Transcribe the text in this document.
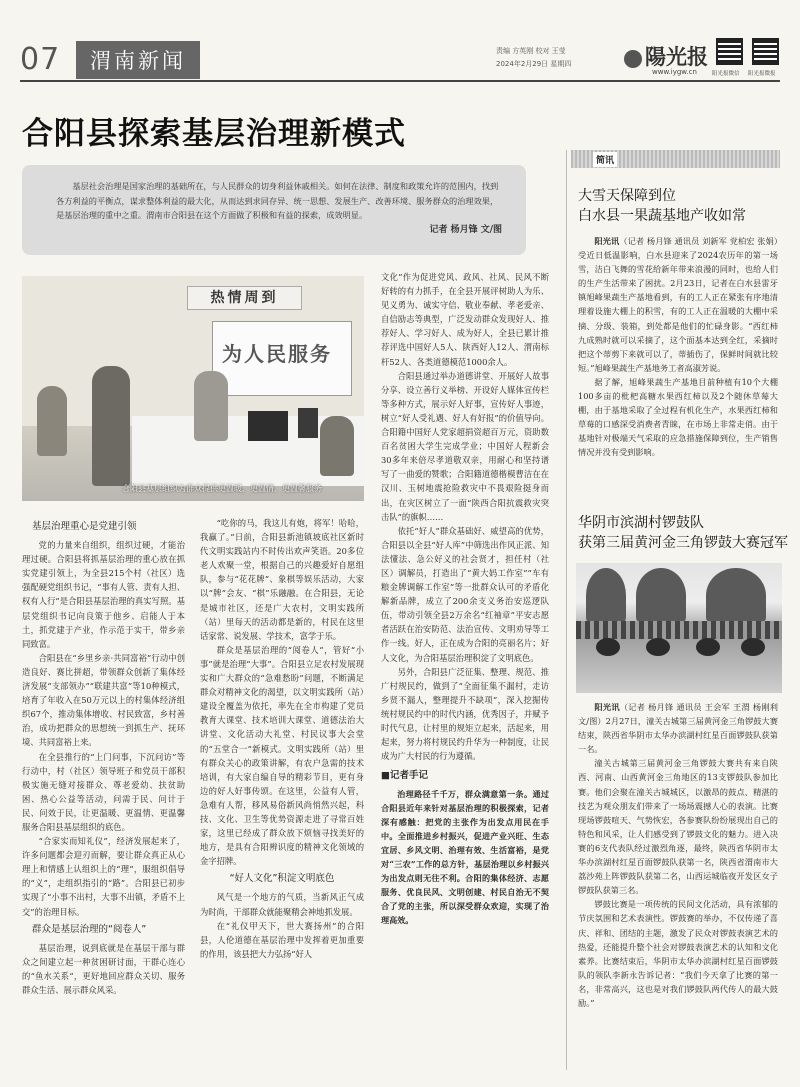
07	渭南新闻	责编 方英刚 校对 王莹
2024年2月29日 星期四	陽光报
www.iygw.cn	阳光报微信 阳光报微报
合阳县探索基层治理新模式
基层社会治理是国家治理的基础所在，与人民群众的切身利益休戚相关。如何在法律、制度和政策允许的范围内，找到各方利益的平衡点，谋求整体利益的最大化，从而达到求同存异、统一思想、发展生产、改善环境、服务群众的治理效果，是基层治理的重中之重。渭南市合阳县在这个方面做了积极和有益的探索，成效明显。
记者 杨月锋 文/图
热情周到
为人民服务
合阳县基层组织为群众提供更温暖、更温情、更温馨服务
基层治理重心是党建引领

党的力量来自组织，组织过硬，才能治理过硬。合阳县将抓基层治理的重心放在抓实党建引领上，为全县215个村（社区）选强配硬党组织书记，“事有人管、责有人担、权有人行”是合阳县基层治理的真实写照。基层党组织书记向良策于他乡、启能人于本土，抓党建于产业，作示范于实干，带乡亲同致富。

合阳县在“乡里乡亲·共同富裕”行动中创造良好、赛比拼超，带领群众创新了集体经济发展“支部领办”“联建共富”等10种模式，培育了年收入在50万元以上的村集体经济组织67个，推动集体增收、村民致富，乡村善治，成功把群众的思想统一到抓生产、抚环境、共同富裕上来。

在全县推行的“上门问事，下沉问访”等行动中，村（社区）领导班子和党员干部积极实施无缝对接群众、尊老爱幼、扶贫助困、热心公益等活动，问需于民、问计于民、问效于民，让更温暖、更温情、更温馨服务合阳县基层组织的底色。

“合家实而知礼仪”，经济发展起来了，许多问题都会迎刃而解，要让群众真正从心理上和情感上认组织上的“理”，服组织倡导的“义”，走组织指引的“路”。合阳县已初步实现了“小事不出村，大事不出镇，矛盾不上交”的治理目标。

群众是基层治理的“阅卷人”

基层治理，说到底就是在基层干部与群众之间建立起一种贫困研讨面，干群心连心的“鱼水关系”，更好地回应群众关切、服务群众生活、展示群众风采。

“吃你的马，我这儿有炮，将军！哈哈，我赢了。”日前，合阳县新池镇坡底社区新时代文明实践站内不时传出欢声笑语。20多位老人欢聚一堂，根据自己的兴趣爱好自愿组队，参与“花花牌”、象棋等娱乐活动，大家以“牌”会友、“棋”乐融融。在合阳县，无论是城市社区，还是广大农村，文明实践所（站）里每天的活动都是新的，村民在这里话家常、说发展、学技术，富学于乐。

群众是基层治理的“阅卷人”，管好“小事”就是治理“大事”。合阳县立足农村发展现实和广大群众的“急难愁盼”问题，不断满足群众对精神文化的渴望，以文明实践所（站）建设全覆盖为依托，率先在全市构建了党员教育大课堂、技术培训大课堂、道德法治大讲堂、文化活动大礼堂、村民议事大会堂的“五堂合一”新模式。文明实践所（站）里有群众关心的政策讲解，有农户急需的技术培训，有大家自编自导的精彩节目，更有身边的好人好事传颂。在这里，公益有人管，急难有人帮，移风易俗新风尚悄然兴起，科技、文化、卫生等优势资源走进了寻常百姓家，这里已经成了群众放下烦恼寻找美好的地方，是具有合阳辨识度的精神文化领域的金字招牌。

“好人文化”积淀文明底色

风气是一个地方的气质，当新风正气成为时尚，干部群众就能聚精会神地抓发展。

在“礼仪甲天下，世大赛扬州”的合阳县，人伦道德在基层治理中发挥着更加重要的作用，该县把大力弘扬“好人

文化”作为促进党风、政风、社风、民风不断好转的有力抓手，在全县开展评树助人为乐、见义勇为、诚实守信、敬业奉献、孝老爱亲、自信励志等典型，广泛发动群众发现好人、推荐好人、学习好人、成为好人，全县已累计推荐评选中国好人5人、陕西好人12人、渭南标杆52人、各类道德模范1000余人。

合阳县通过举办道德讲堂、开展好人故事分享、设立善行义举榜、开设好人媒体宣传栏等多种方式，展示好人好事，宣传好人事迹，树立“好人受礼遇、好人有好报”的价值导向。合阳籍中国好人党家超捐资超百万元，资助数百名贫困大学生完成学业；中国好人程新会30多年来倍尽孝道敬双亲，用耐心和坚持谱写了一曲爱的赞歌；合阳籍道德楷模曹洁在在汉川、玉树地震抢险救灾中不畏艰险挺身而出，在灾区树立了一面“陕西合阳抗震救灾突击队”的旗帜……

依托“好人”群众基础好、威望高的优势，合阳县以全县“好人库”中筛选出作风正派、知法懂法、急公好义的社会贤才，担任村（社区）调解员，打造出了“黄大妈工作室”“车有粮金牌调解工作室”等一批群众认可的矛盾化解新品牌，成立了200余支义务治安巡逻队伍，带动引领全县2万余名“红袖章”平安志愿者活跃在治安防范、法治宣传、文明劝导等工作一线。好人，正在成为合阳的亮丽名片；好人文化，为合阳基层治理积淀了文明底色。

另外，合阳县广泛征集、整理、规范、推广村规民约，做到了“全面征集不漏村，走访乡贤不漏人，整理提升不缺项”，深入挖掘传统村规民约中的时代内涵，优秀因子，并赋予时代气息，让村里的规矩立起来，活起来，用起来，努力将村规民约升华为一种制度，让民成为广大村民的行为遵循。

■记者手记

治理路径千千万，群众满意第一条。通过合阳县近年来针对基层治理的积极探索，记者深有感触：把党的主张作为出发点用民在手中。全面推进乡村振兴，促进产业兴旺、生态宜居、乡风文明、治理有效、生活富裕，是党对“三农”工作的总方针，基层治理以乡村振兴为出发点则无往不利。合阳的集体经济、志愿服务、优良民风、文明创建、村民自治无不契合了党的主张，所以深受群众欢迎，实现了治理高效。

简讯
大雪天保障到位
白水县一果蔬基地产收如常

阳光讯（记者 杨月锋 通讯员 刘新军 党柏宏 张娟）受近日低温影响，白水县迎来了2024农历年的第一场雪，洁白飞舞的雪花给新年带来浪漫的同时，也给人们的生产生活带来了困扰。2月23日，记者在白水县雷牙镇旭峰果蔬生产基地看到，有的工人正在紧张有序地清理着设施大棚上的积雪，有的工人正在温暖的大棚中采摘、分级、装箱，到处都是他们的忙碌身影。“西红柿九成熟时就可以采摘了，这个面基本达到全红，采摘时把这个蒂剪下来就可以了，蒂插伤了，保鲜时间就比较短。”旭峰果蔬生产基地务工者高淑芳说。

据了解，旭峰果蔬生产基地目前种植有10个大棚100多亩的枇杷高糖水果西红柿以及2个随休草莓大棚，由于基地采取了全过程有机化生产，水果西红柿和草莓的口感深受消费者青睐，在市场上非常走俏。由于基地针对极端天气采取的应急措施保障到位，生产销售情况并没有受到影响。

华阴市滨湖村锣鼓队
获第三届黄河金三角锣鼓大赛冠军

阳光讯（记者 杨月锋 通讯员 王会军 王渭 杨刚利 文/图）2月27日，潼关古城第三届黄河金三角锣鼓大赛结束，陕西省华阴市太华办滨湖村红星百面锣鼓队获第一名。

潼关古城第三届黄河金三角锣鼓大赛共有来自陕西、河南、山西黄河金三角地区的13支锣鼓队参加比赛。他们会聚在潼关古城城区，以激昂的鼓点、精湛的技艺为观众朋友们带来了一场场震撼人心的表演。比赛现场锣鼓喧天、气势恢宏，各参赛队纷纷展现出自己的特色和风采，让人们感受到了锣鼓文化的魅力。进入决赛的6支代表队经过激烈角逐，最终，陕西省华阴市太华办滨湖村红星百面锣鼓队获第一名，陕西省渭南市大荔沙苑上阵锣鼓队获第二名，山西运城临夜开发区女子锣鼓队获第三名。

锣鼓比赛是一项传统的民间文化活动，具有浓郁的节庆氛围和艺术表演性。锣鼓赛的举办，不仅传递了喜庆、祥和、团结的主题，激发了民众对锣鼓表演艺术的热爱，还能提升整个社会对锣鼓表演艺术的认知和文化素养。比赛结束后，华阴市太华办滨湖村红星百面锣鼓队的领队李新永告诉记者：“我们今天拿了比赛的第一名，非常高兴，这也是对我们锣鼓队两代传人的最大鼓励。”
